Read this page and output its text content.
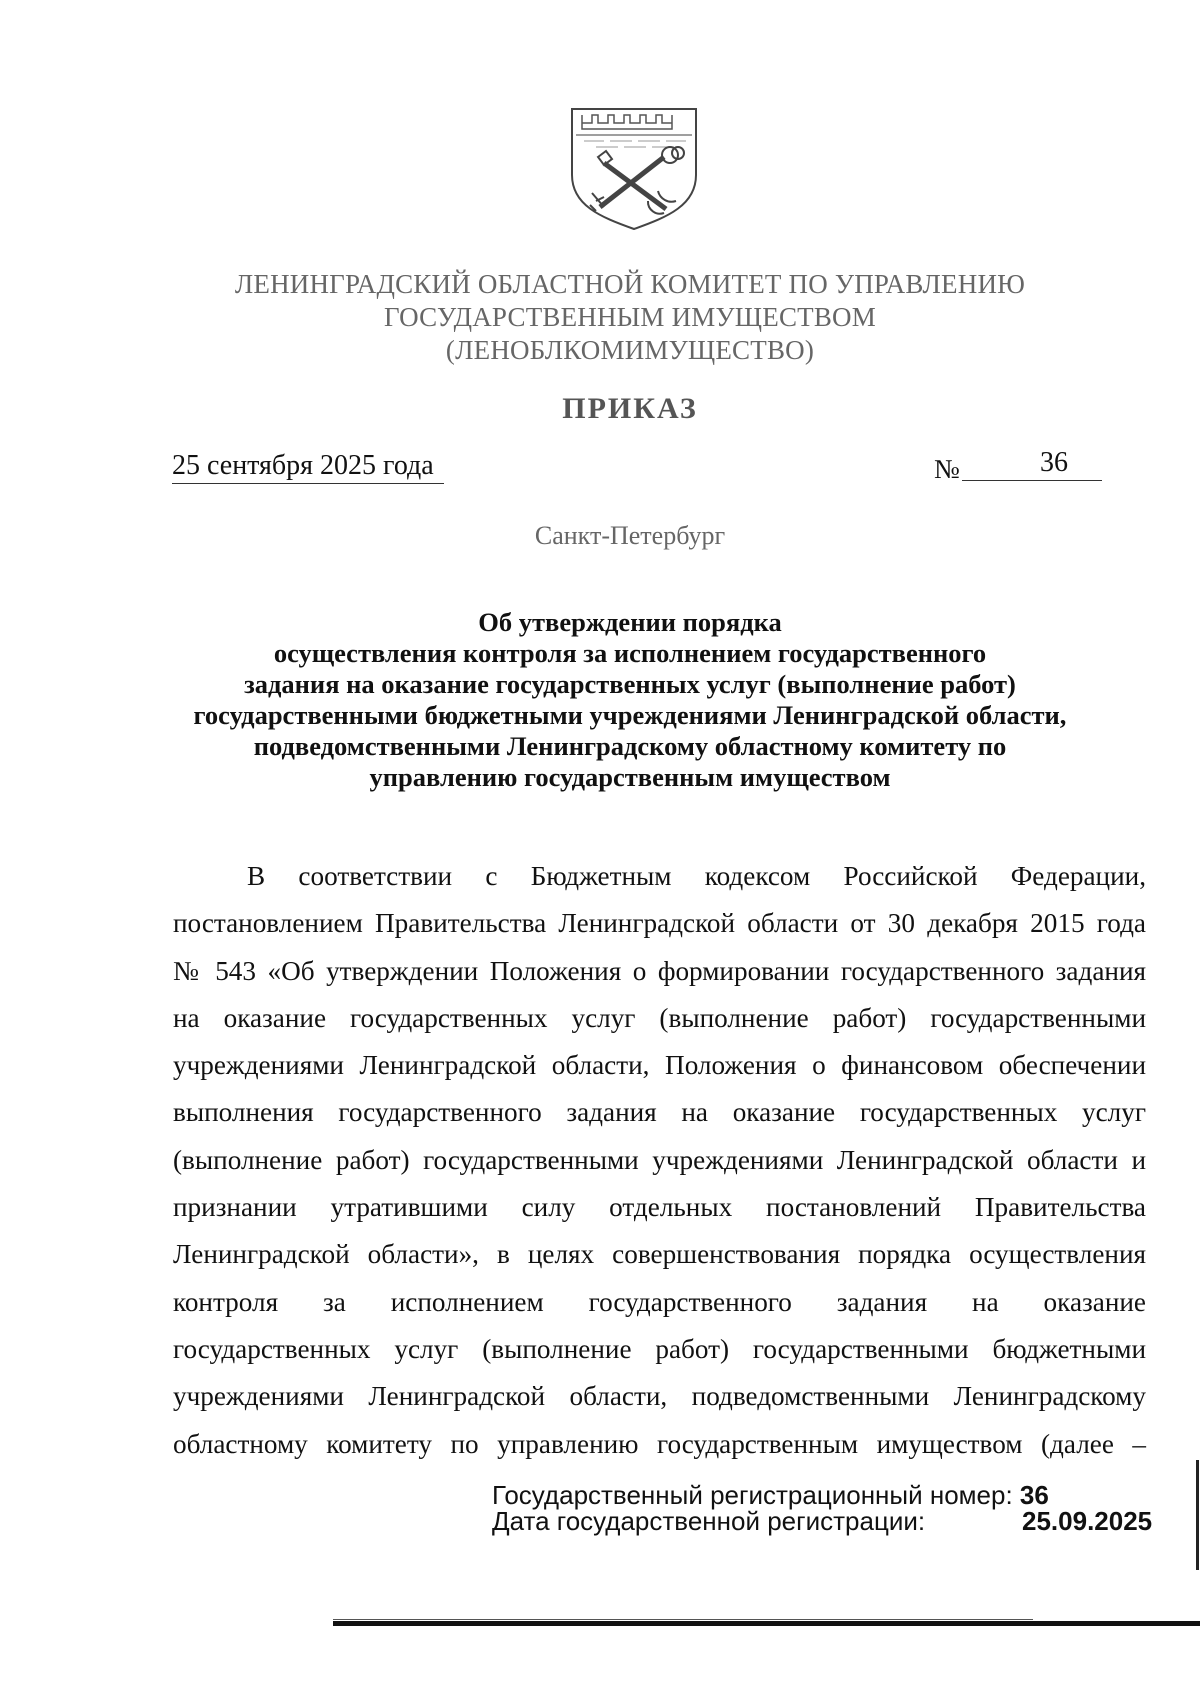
ЛЕНИНГРАДСКИЙ ОБЛАСТНОЙ КОМИТЕТ ПО УПРАВЛЕНИЮ
ГОСУДАРСТВЕННЫМ ИМУЩЕСТВОМ
(ЛЕНОБЛКОМИМУЩЕСТВО)
ПРИКАЗ
25 сентября 2025 года	№	36
Санкт-Петербург
Об утверждении порядка
осуществления контроля за исполнением государственного
задания на оказание государственных услуг (выполнение работ)
государственными бюджетными учреждениями Ленинградской области,
подведомственными Ленинградскому областному комитету по
управлению государственным имуществом
В соответствии с Бюджетным кодексом Российской Федерации,
постановлением Правительства Ленинградской области от 30 декабря 2015 года
№ 543 «Об утверждении Положения о формировании государственного задания
на оказание государственных услуг (выполнение работ) государственными
учреждениями Ленинградской области, Положения о финансовом обеспечении
выполнения государственного задания на оказание государственных услуг
(выполнение работ) государственными учреждениями Ленинградской области и
признании утратившими силу отдельных постановлений Правительства
Ленинградской области», в целях совершенствования порядка осуществления
контроля за исполнением государственного задания на оказание
государственных услуг (выполнение работ) государственными бюджетными
учреждениями Ленинградской области, подведомственными Ленинградскому
областному комитету по управлению государственным имуществом (далее –
Государственный регистрационный номер: 36
Дата государственной регистрации:	25.09.2025
